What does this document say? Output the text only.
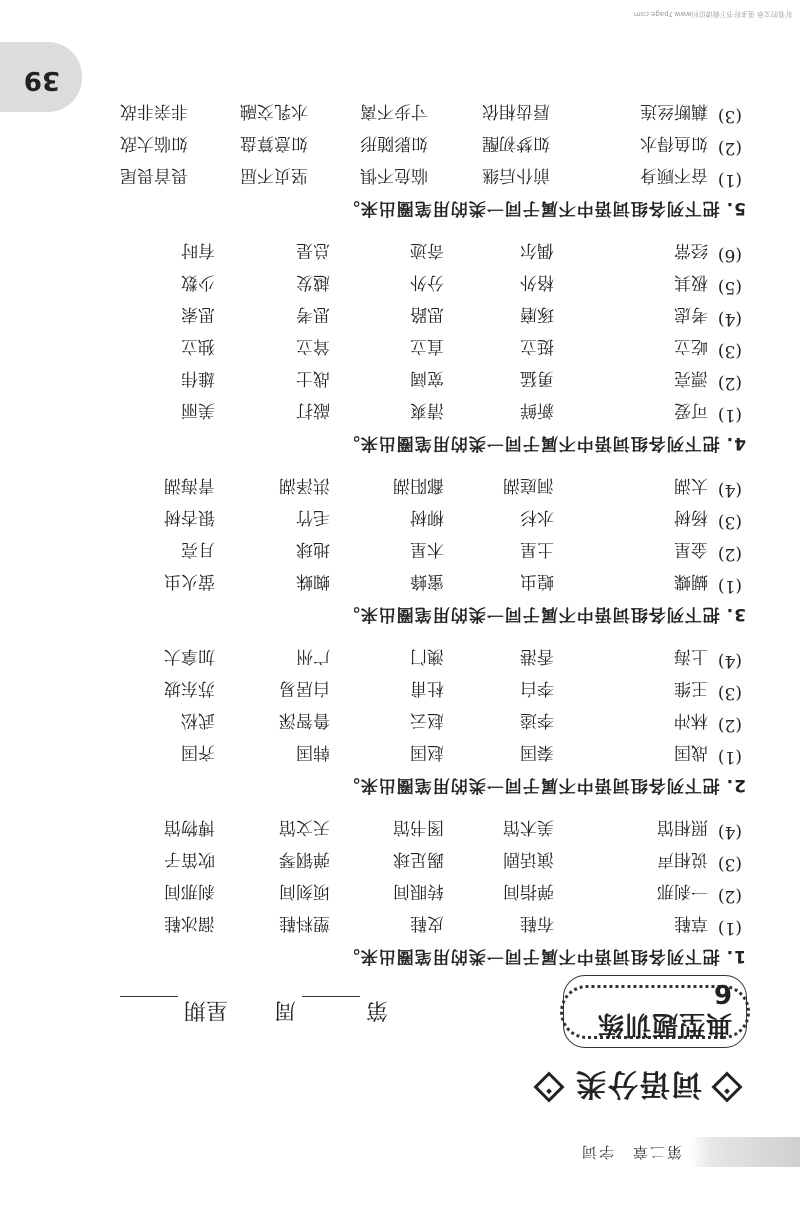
第二章　字词
39
词语分类
典型题训练6
第
周
星期
1.把下列各组词语中不属于同一类的用笔圈出来。
(1)
草鞋
布鞋
皮鞋
塑料鞋
溜冰鞋
(2)
一刹那
弹指间
转眼间
顷刻间
刹那间
(3)
说相声
演话剧
踢足球
弹钢琴
吹笛子
(4)
照相馆
美术馆
图书馆
天文馆
博物馆
2.把下列各组词语中不属于同一类的用笔圈出来。
(1)
战国
秦国
赵国
韩国
齐国
(2)
林冲
李逵
赵云
鲁智深
武松
(3)
王维
李白
杜甫
白居易
苏东坡
(4)
上海
香港
澳门
广州
加拿大
3.把下列各组词语中不属于同一类的用笔圈出来。
(1)
蝴蝶
蝗虫
蜜蜂
蜘蛛
萤火虫
(2)
金星
土星
木星
地球
月亮
(3)
杨树
水杉
柳树
毛竹
银杏树
(4)
太湖
洞庭湖
鄱阳湖
洪泽湖
青海湖
4.把下列各组词语中不属于同一类的用笔圈出来。
(1)
可爱
新鲜
清爽
敲打
美丽
(2)
漂亮
勇猛
宽阔
战士
雄伟
(3)
屹立
挺立
直立
耸立
独立
(4)
考虑
琢磨
思路
思考
思索
(5)
极其
格外
分外
越发
少数
(6)
经常
偶尔
奇迹
总是
有时
5.把下列各组词语中不属于同一类的用笔圈出来。
(1)
奋不顾身
前仆后继
临危不惧
坚贞不屈
畏首畏尾
(2)
如鱼得水
如梦初醒
如影随形
如意算盘
如临大敌
(3)
藕断丝连
唇齿相依
寸步不离
水乳交融
非亲非故
好看的文章 更多好书下载请访问www.7page.com
